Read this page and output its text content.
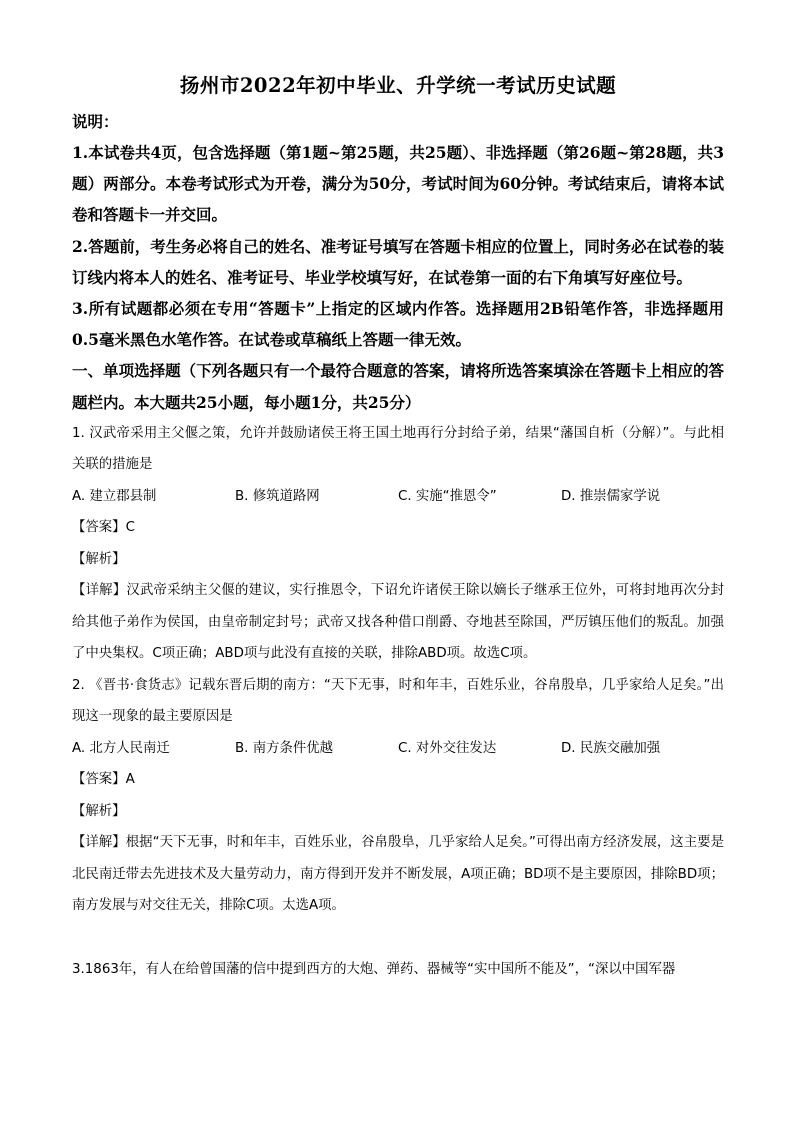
扬州市2022年初中毕业、升学统一考试历史试题

说明：

1.本试卷共4页，包含选择题（第1题~第25题，共25题）、非选择题（第26题~第28题，共3题）两部分。本卷考试形式为开卷，满分为50分，考试时间为60分钟。考试结束后，请将本试卷和答题卡一并交回。

2.答题前，考生务必将自己的姓名、准考证号填写在答题卡相应的位置上，同时务必在试卷的装订线内将本人的姓名、准考证号、毕业学校填写好，在试卷第一面的右下角填写好座位号。

3.所有试题都必须在专用“答题卡”上指定的区域内作答。选择题用2B铅笔作答，非选择题用0.5毫米黑色水笔作答。在试卷或草稿纸上答题一律无效。

一、单项选择题（下列各题只有一个最符合题意的答案，请将所选答案填涂在答题卡上相应的答题栏内。本大题共25小题，每小题1分，共25分）

1. 汉武帝采用主父偃之策，允许并鼓励诸侯王将王国土地再行分封给子弟，结果“藩国自析（分解）”。与此相关联的措施是

A. 建立郡县制	B. 修筑道路网	C. 实施“推恩令”	D. 推崇儒家学说

【答案】C

【解析】

【详解】汉武帝采纳主父偃的建议，实行推恩令，下诏允许诸侯王除以嫡长子继承王位外，可将封地再次分封给其他子弟作为侯国，由皇帝制定封号；武帝又找各种借口削爵、夺地甚至除国，严厉镇压他们的叛乱。加强了中央集权。C项正确；ABD项与此没有直接的关联，排除ABD项。故选C项。

2. 《晋书·食货志》记载东晋后期的南方：“天下无事，时和年丰，百姓乐业，谷帛殷阜，几乎家给人足矣。”出现这一现象的最主要原因是

A. 北方人民南迁	B. 南方条件优越	C. 对外交往发达	D. 民族交融加强

【答案】A

【解析】

【详解】根据“天下无事，时和年丰，百姓乐业，谷帛殷阜，几乎家给人足矣。”可得出南方经济发展，这主要是北民南迁带去先进技术及大量劳动力，南方得到开发并不断发展，A项正确；BD项不是主要原因，排除BD项；南方发展与对交往无关，排除C项。太选A项。

3.1863年，有人在给曾国藩的信中提到西方的大炮、弹药、器械等“实中国所不能及”，“深以中国军器
